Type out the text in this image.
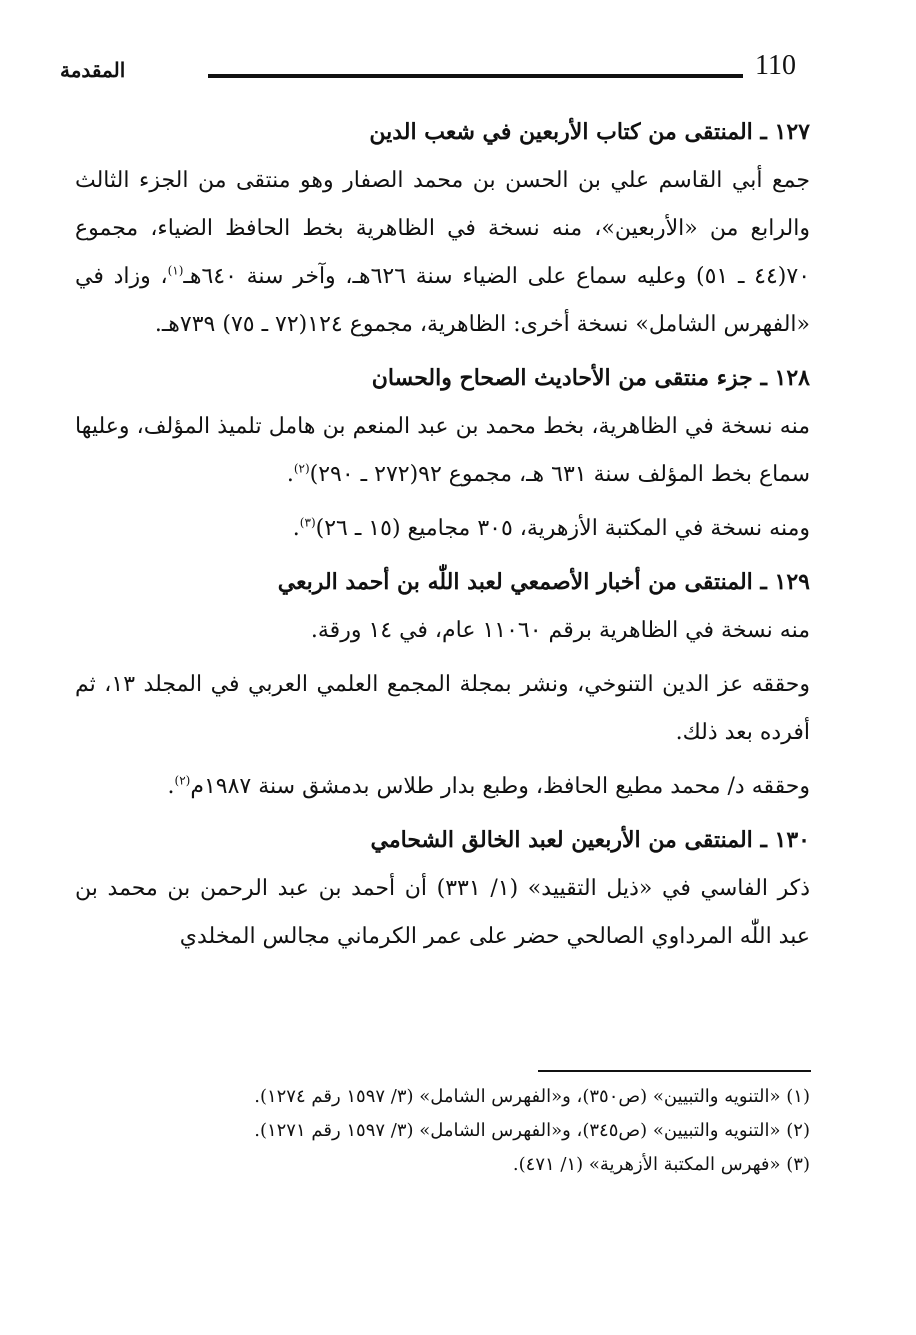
110
المقدمة
١٢٧ ـ المنتقى من كتاب الأربعين في شعب الدين

جمع أبي القاسم علي بن الحسن بن محمد الصفار وهو منتقى من الجزء الثالث والرابع من «الأربعين»، منه نسخة في الظاهرية بخط الحافظ الضياء، مجموع ٧٠(٤٤ ـ ٥١) وعليه سماع على الضياء سنة ٦٢٦هـ، وآخر سنة ٦٤٠هـ$^{(١)}$، وزاد في «الفهرس الشامل» نسخة أخرى: الظاهرية، مجموع ١٢٤(٧٢ ـ ٧٥) ٧٣٩هـ.

١٢٨ ـ جزء منتقى من الأحاديث الصحاح والحسان

منه نسخة في الظاهرية، بخط محمد بن عبد المنعم بن هامل تلميذ المؤلف، وعليها سماع بخط المؤلف سنة ٦٣١ هـ، مجموع ٩٢(٢٧٢ ـ ٢٩٠)$^{(٢)}$.

ومنه نسخة في المكتبة الأزهرية، ٣٠٥ مجاميع (١٥ ـ ٢٦)$^{(٣)}$.

١٢٩ ـ المنتقى من أخبار الأصمعي لعبد اللّٰه بن أحمد الربعي

منه نسخة في الظاهرية برقم ١١٠٦٠ عام، في ١٤ ورقة.

وحققه عز الدين التنوخي، ونشر بمجلة المجمع العلمي العربي في المجلد ١٣، ثم أفرده بعد ذلك.

وحققه د/ محمد مطيع الحافظ، وطبع بدار طلاس بدمشق سنة ١٩٨٧م$^{(٢)}$.

١٣٠ ـ المنتقى من الأربعين لعبد الخالق الشحامي

ذكر الفاسي في «ذيل التقييد» (١/ ٣٣١) أن أحمد بن عبد الرحمن بن محمد بن عبد اللّٰه المرداوي الصالحي حضر على عمر الكرماني مجالس المخلدي

(١) «التنويه والتبيين» (ص٣٥٠)، و«الفهرس الشامل» (٣/ ١٥٩٧ رقم ١٢٧٤).

(٢) «التنويه والتبيين» (ص٣٤٥)، و«الفهرس الشامل» (٣/ ١٥٩٧ رقم ١٢٧١).

(٣) «فهرس المكتبة الأزهرية» (١/ ٤٧١).
